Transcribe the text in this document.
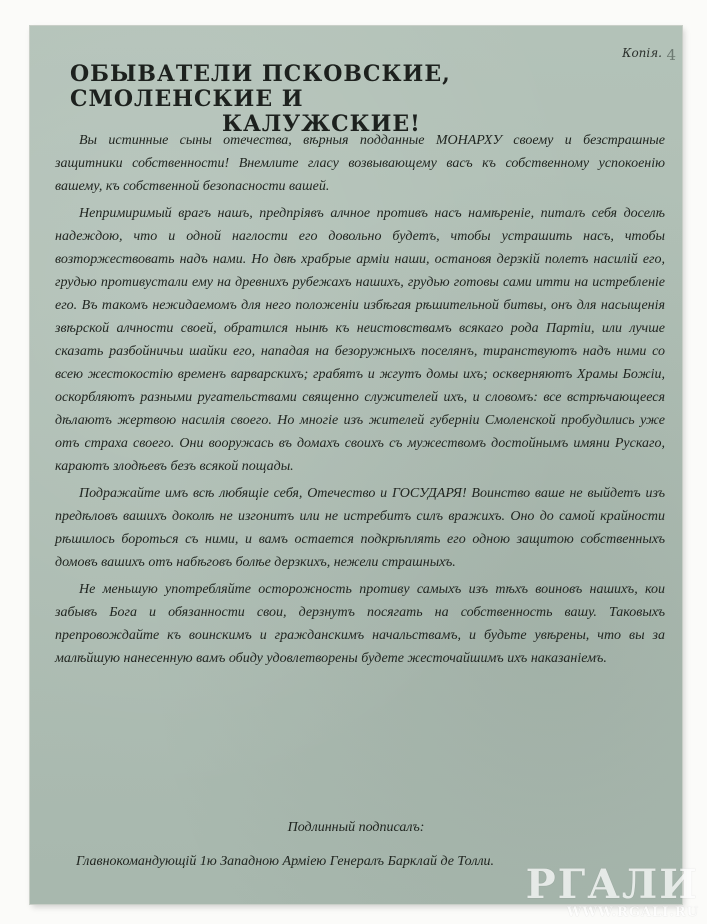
Копія. 4
ОБЫВАТЕЛИ ПСКОВСКИЕ, СМОЛЕНСКИЕ И
КАЛУЖСКИЕ!

Вы истинные сыны отечества, вѣрныя подданные МОНАРХУ своему и безстрашные защитники собственности! Внемлите гласу возвывающему васъ къ собственному успокоенію вашему, къ собственной безопасности вашей.

Непримиримый врагъ нашъ, предпріявъ алчное противъ насъ намѣреніе, питалъ себя доселѣ надеждою, что и одной наглости его довольно будетъ, чтобы устрашить насъ, чтобы возторжествовать надъ нами. Но двѣ храбрые арміи наши, остановя дерзкій полетъ насилій его, грудью противустали ему на древнихъ рубежахъ нашихъ, грудью готовы сами итти на истребленіе его. Въ такомъ нежидаемомъ для него положеніи избѣгая рѣшительной битвы, онъ для насыщенія звѣрской алчности своей, обратился нынѣ къ неистовствамъ всякаго рода Партіи, или лучше сказать разбойничьи шайки его, нападая на безоружныхъ поселянъ, тиранствуютъ надъ ними со всею жестокостію временъ варварскихъ; грабятъ и жгутъ домы ихъ; оскверняютъ Храмы Божіи, оскорбляютъ разными ругательствами священно служителей ихъ, и словомъ: все встрѣчающееся дѣлаютъ жертвою насилія своего. Но многіе изъ жителей губерніи Смоленской пробудились уже отъ страха своего. Они вооружась въ домахъ своихъ съ мужествомъ достойнымъ имяни Рускаго, караютъ злодѣевъ безъ всякой пощады.

Подражайте имъ всѣ любящіе себя, Отечество и ГОСУДАРЯ! Воинство ваше не выйдетъ изъ предѣловъ вашихъ доколѣ не изгонитъ или не истребитъ силъ вражихъ. Оно до самой крайности рѣшилось бороться съ ними, и вамъ остается подкрѣплять его одною защитою собственныхъ домовъ вашихъ отъ набѣговъ болѣе дерзкихъ, нежели страшныхъ.

Не меньшую употребляйте осторожность противу самыхъ изъ тѣхъ воиновъ нашихъ, кои забывъ Бога и обязанности свои, дерзнутъ посягать на собственность вашу. Таковыхъ препровождайте къ воинскимъ и гражданскимъ начальствамъ, и будьте увѣрены, что вы за малѣйшую нанесенную вамъ обиду удовлетворены будете жесточайшимъ ихъ наказаніемъ.

Подлинный подписалъ:
Главнокомандующій 1ю Западною Арміею Генералъ Барклай де Толли. РГАЛИ
WWW.RGALI.RU
